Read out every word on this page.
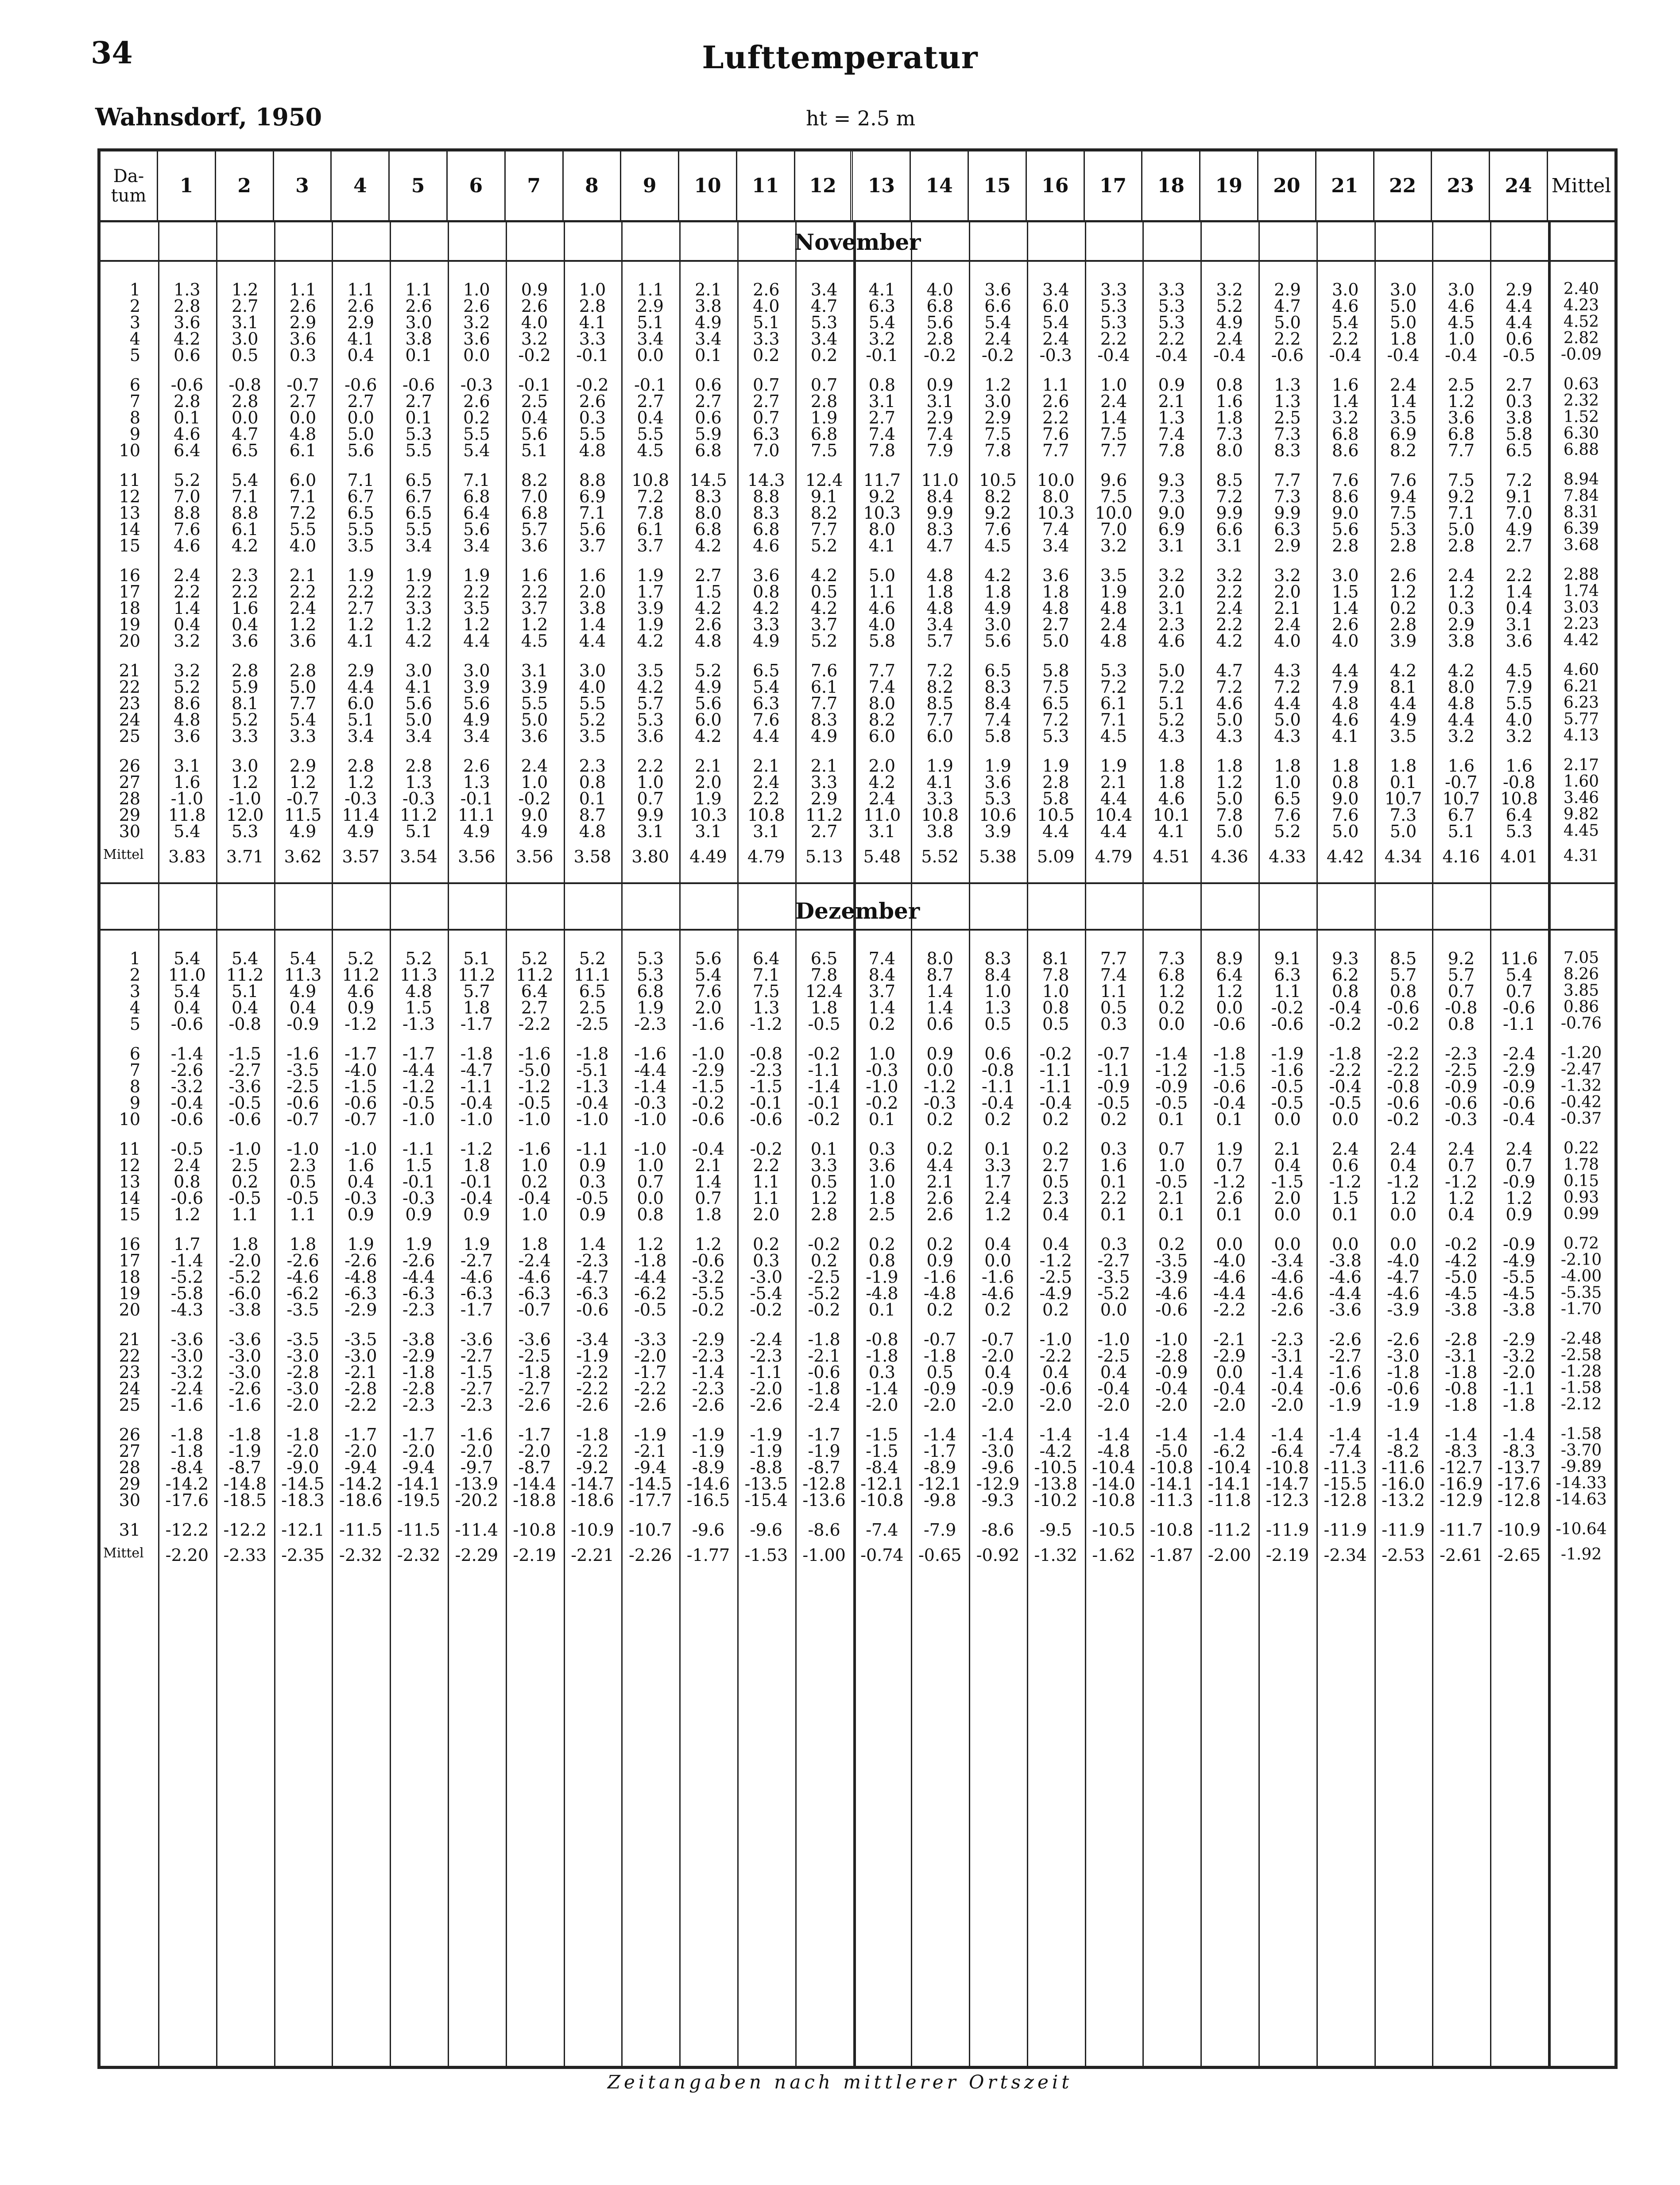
34	Lufttemperatur
Wahnsdorf, 1950	ht = 2.5 m
Da- tum	1	2	3	4	5	6	7	8	9	10	11	12	13	14	15	16	17	18	19	20	21	22	23	24 Mittel
November
1	1.3	1.2	1.1	1.1	1.1	1.0	0.9	1.0	1.1	2.1	2.6	3.4	4.1	4.0	3.6	3.4	3.3	3.3	3.2	2.9	3.0	3.0	3.0	2.9	2.40
2	2.8	2.7	2.6	2.6	2.6	2.6	2.6	2.8	2.9	3.8	4.0	4.7	6.3	6.8	6.6	6.0	5.3	5.3	5.2	4.7	4.6	5.0	4.6	4.4	4.23
3	3.6	3.1	2.9	2.9	3.0	3.2	4.0	4.1	5.1	4.9	5.1	5.3	5.4	5.6	5.4	5.4	5.3	5.3	4.9	5.0	5.4	5.0	4.5	4.4	4.52
4	4.2	3.0	3.6	4.1	3.8	3.6	3.2	3.3	3.4	3.4	3.3	3.4	3.2	2.8	2.4	2.4	2.2	2.2	2.4	2.2	2.2	1.8	1.0	0.6	2.82
5	0.6	0.5	0.3	0.4	0.1	0.0	-0.2	-0.1	0.0	0.1	0.2	0.2	-0.1	-0.2	-0.2	-0.3	-0.4	-0.4	-0.4	-0.6	-0.4	-0.4	-0.4	-0.5	-0.09
6	-0.6	-0.8	-0.7	-0.6	-0.6	-0.3	-0.1	-0.2	-0.1	0.6	0.7	0.7	0.8	0.9	1.2	1.1	1.0	0.9	0.8	1.3	1.6	2.4	2.5	2.7	0.63
7	2.8	2.8	2.7	2.7	2.7	2.6	2.5	2.6	2.7	2.7	2.7	2.8	3.1	3.1	3.0	2.6	2.4	2.1	1.6	1.3	1.4	1.4	1.2	0.3	2.32
8	0.1	0.0	0.0	0.0	0.1	0.2	0.4	0.3	0.4	0.6	0.7	1.9	2.7	2.9	2.9	2.2	1.4	1.3	1.8	2.5	3.2	3.5	3.6	3.8	1.52
9	4.6	4.7	4.8	5.0	5.3	5.5	5.6	5.5	5.5	5.9	6.3	6.8	7.4	7.4	7.5	7.6	7.5	7.4	7.3	7.3	6.8	6.9	6.8	5.8	6.30
10	6.4	6.5	6.1	5.6	5.5	5.4	5.1	4.8	4.5	6.8	7.0	7.5	7.8	7.9	7.8	7.7	7.7	7.8	8.0	8.3	8.6	8.2	7.7	6.5	6.88
11	5.2	5.4	6.0	7.1	6.5	7.1	8.2	8.8	10.8	14.5	14.3	12.4	11.7	11.0	10.5	10.0	9.6	9.3	8.5	7.7	7.6	7.6	7.5	7.2	8.94
12	7.0	7.1	7.1	6.7	6.7	6.8	7.0	6.9	7.2	8.3	8.8	9.1	9.2	8.4	8.2	8.0	7.5	7.3	7.2	7.3	8.6	9.4	9.2	9.1	7.84
13	8.8	8.8	7.2	6.5	6.5	6.4	6.8	7.1	7.8	8.0	8.3	8.2	10.3	9.9	9.2	10.3	10.0	9.0	9.9	9.9	9.0	7.5	7.1	7.0	8.31
14	7.6	6.1	5.5	5.5	5.5	5.6	5.7	5.6	6.1	6.8	6.8	7.7	8.0	8.3	7.6	7.4	7.0	6.9	6.6	6.3	5.6	5.3	5.0	4.9	6.39
15	4.6	4.2	4.0	3.5	3.4	3.4	3.6	3.7	3.7	4.2	4.6	5.2	4.1	4.7	4.5	3.4	3.2	3.1	3.1	2.9	2.8	2.8	2.8	2.7	3.68
16	2.4	2.3	2.1	1.9	1.9	1.9	1.6	1.6	1.9	2.7	3.6	4.2	5.0	4.8	4.2	3.6	3.5	3.2	3.2	3.2	3.0	2.6	2.4	2.2	2.88
17	2.2	2.2	2.2	2.2	2.2	2.2	2.2	2.0	1.7	1.5	0.8	0.5	1.1	1.8	1.8	1.8	1.9	2.0	2.2	2.0	1.5	1.2	1.2	1.4	1.74
18	1.4	1.6	2.4	2.7	3.3	3.5	3.7	3.8	3.9	4.2	4.2	4.2	4.6	4.8	4.9	4.8	4.8	3.1	2.4	2.1	1.4	0.2	0.3	0.4	3.03
19	0.4	0.4	1.2	1.2	1.2	1.2	1.2	1.4	1.9	2.6	3.3	3.7	4.0	3.4	3.0	2.7	2.4	2.3	2.2	2.4	2.6	2.8	2.9	3.1	2.23
20	3.2	3.6	3.6	4.1	4.2	4.4	4.5	4.4	4.2	4.8	4.9	5.2	5.8	5.7	5.6	5.0	4.8	4.6	4.2	4.0	4.0	3.9	3.8	3.6	4.42
21	3.2	2.8	2.8	2.9	3.0	3.0	3.1	3.0	3.5	5.2	6.5	7.6	7.7	7.2	6.5	5.8	5.3	5.0	4.7	4.3	4.4	4.2	4.2	4.5	4.60
22	5.2	5.9	5.0	4.4	4.1	3.9	3.9	4.0	4.2	4.9	5.4	6.1	7.4	8.2	8.3	7.5	7.2	7.2	7.2	7.2	7.9	8.1	8.0	7.9	6.21
23	8.6	8.1	7.7	6.0	5.6	5.6	5.5	5.5	5.7	5.6	6.3	7.7	8.0	8.5	8.4	6.5	6.1	5.1	4.6	4.4	4.8	4.4	4.8	5.5	6.23
24	4.8	5.2	5.4	5.1	5.0	4.9	5.0	5.2	5.3	6.0	7.6	8.3	8.2	7.7	7.4	7.2	7.1	5.2	5.0	5.0	4.6	4.9	4.4	4.0	5.77
25	3.6	3.3	3.3	3.4	3.4	3.4	3.6	3.5	3.6	4.2	4.4	4.9	6.0	6.0	5.8	5.3	4.5	4.3	4.3	4.3	4.1	3.5	3.2	3.2	4.13
26	3.1	3.0	2.9	2.8	2.8	2.6	2.4	2.3	2.2	2.1	2.1	2.1	2.0	1.9	1.9	1.9	1.9	1.8	1.8	1.8	1.8	1.8	1.6	1.6	2.17
27	1.6	1.2	1.2	1.2	1.3	1.3	1.0	0.8	1.0	2.0	2.4	3.3	4.2	4.1	3.6	2.8	2.1	1.8	1.2	1.0	0.8	0.1	-0.7	-0.8	1.60
28	-1.0	-1.0	-0.7	-0.3	-0.3	-0.1	-0.2	0.1	0.7	1.9	2.2	2.9	2.4	3.3	5.3	5.8	4.4	4.6	5.0	6.5	9.0	10.7	10.7	10.8	3.46
29	11.8	12.0	11.5	11.4	11.2	11.1	9.0	8.7	9.9	10.3	10.8	11.2	11.0	10.8	10.6	10.5	10.4	10.1	7.8	7.6	7.6	7.3	6.7	6.4	9.82
30	5.4	5.3	4.9	4.9	5.1	4.9	4.9	4.8	3.1	3.1	3.1	2.7	3.1	3.8	3.9	4.4	4.4	4.1	5.0	5.2	5.0	5.0	5.1	5.3	4.45
Mittel	3.83	3.71	3.62	3.57	3.54	3.56	3.56	3.58	3.80	4.49	4.79	5.13	5.48	5.52	5.38	5.09	4.79	4.51	4.36	4.33	4.42	4.34	4.16	4.01	4.31
Dezember
1	5.4	5.4	5.4	5.2	5.2	5.1	5.2	5.2	5.3	5.6	6.4	6.5	7.4	8.0	8.3	8.1	7.7	7.3	8.9	9.1	9.3	8.5	9.2	11.6	7.05
2	11.0	11.2	11.3	11.2	11.3	11.2	11.2	11.1	5.3	5.4	7.1	7.8	8.4	8.7	8.4	7.8	7.4	6.8	6.4	6.3	6.2	5.7	5.7	5.4	8.26
3	5.4	5.1	4.9	4.6	4.8	5.7	6.4	6.5	6.8	7.6	7.5	12.4	3.7	1.4	1.0	1.0	1.1	1.2	1.2	1.1	0.8	0.8	0.7	0.7	3.85
4	0.4	0.4	0.4	0.9	1.5	1.8	2.7	2.5	1.9	2.0	1.3	1.8	1.4	1.4	1.3	0.8	0.5	0.2	0.0	-0.2	-0.4	-0.6	-0.8	-0.6	0.86
5	-0.6	-0.8	-0.9	-1.2	-1.3	-1.7	-2.2	-2.5	-2.3	-1.6	-1.2	-0.5	0.2	0.6	0.5	0.5	0.3	0.0	-0.6	-0.6	-0.2	-0.2	0.8	-1.1	-0.76
6	-1.4	-1.5	-1.6	-1.7	-1.7	-1.8	-1.6	-1.8	-1.6	-1.0	-0.8	-0.2	1.0	0.9	0.6	-0.2	-0.7	-1.4	-1.8	-1.9	-1.8	-2.2	-2.3	-2.4	-1.20
7	-2.6	-2.7	-3.5	-4.0	-4.4	-4.7	-5.0	-5.1	-4.4	-2.9	-2.3	-1.1	-0.3	0.0	-0.8	-1.1	-1.1	-1.2	-1.5	-1.6	-2.2	-2.2	-2.5	-2.9	-2.47
8	-3.2	-3.6	-2.5	-1.5	-1.2	-1.1	-1.2	-1.3	-1.4	-1.5	-1.5	-1.4	-1.0	-1.2	-1.1	-1.1	-0.9	-0.9	-0.6	-0.5	-0.4	-0.8	-0.9	-0.9	-1.32
9	-0.4	-0.5	-0.6	-0.6	-0.5	-0.4	-0.5	-0.4	-0.3	-0.2	-0.1	-0.1	-0.2	-0.3	-0.4	-0.4	-0.5	-0.5	-0.4	-0.5	-0.5	-0.6	-0.6	-0.6	-0.42
10	-0.6	-0.6	-0.7	-0.7	-1.0	-1.0	-1.0	-1.0	-1.0	-0.6	-0.6	-0.2	0.1	0.2	0.2	0.2	0.2	0.1	0.1	0.0	0.0	-0.2	-0.3	-0.4	-0.37
11	-0.5	-1.0	-1.0	-1.0	-1.1	-1.2	-1.6	-1.1	-1.0	-0.4	-0.2	0.1	0.3	0.2	0.1	0.2	0.3	0.7	1.9	2.1	2.4	2.4	2.4	2.4	0.22
12	2.4	2.5	2.3	1.6	1.5	1.8	1.0	0.9	1.0	2.1	2.2	3.3	3.6	4.4	3.3	2.7	1.6	1.0	0.7	0.4	0.6	0.4	0.7	0.7	1.78
13	0.8	0.2	0.5	0.4	-0.1	-0.1	0.2	0.3	0.7	1.4	1.1	0.5	1.0	2.1	1.7	0.5	0.1	-0.5	-1.2	-1.5	-1.2	-1.2	-1.2	-0.9	0.15
14	-0.6	-0.5	-0.5	-0.3	-0.3	-0.4	-0.4	-0.5	0.0	0.7	1.1	1.2	1.8	2.6	2.4	2.3	2.2	2.1	2.6	2.0	1.5	1.2	1.2	1.2	0.93
15	1.2	1.1	1.1	0.9	0.9	0.9	1.0	0.9	0.8	1.8	2.0	2.8	2.5	2.6	1.2	0.4	0.1	0.1	0.1	0.0	0.1	0.0	0.4	0.9	0.99
16	1.7	1.8	1.8	1.9	1.9	1.9	1.8	1.4	1.2	1.2	0.2	-0.2	0.2	0.2	0.4	0.4	0.3	0.2	0.0	0.0	0.0	0.0	-0.2	-0.9	0.72
17	-1.4	-2.0	-2.6	-2.6	-2.6	-2.7	-2.4	-2.3	-1.8	-0.6	0.3	0.2	0.8	0.9	0.0	-1.2	-2.7	-3.5	-4.0	-3.4	-3.8	-4.0	-4.2	-4.9	-2.10
18	-5.2	-5.2	-4.6	-4.8	-4.4	-4.6	-4.6	-4.7	-4.4	-3.2	-3.0	-2.5	-1.9	-1.6	-1.6	-2.5	-3.5	-3.9	-4.6	-4.6	-4.6	-4.7	-5.0	-5.5	-4.00
19	-5.8	-6.0	-6.2	-6.3	-6.3	-6.3	-6.3	-6.3	-6.2	-5.5	-5.4	-5.2	-4.8	-4.8	-4.6	-4.9	-5.2	-4.6	-4.4	-4.6	-4.4	-4.6	-4.5	-4.5	-5.35
20	-4.3	-3.8	-3.5	-2.9	-2.3	-1.7	-0.7	-0.6	-0.5	-0.2	-0.2	-0.2	0.1	0.2	0.2	0.2	0.0	-0.6	-2.2	-2.6	-3.6	-3.9	-3.8	-3.8	-1.70
21	-3.6	-3.6	-3.5	-3.5	-3.8	-3.6	-3.6	-3.4	-3.3	-2.9	-2.4	-1.8	-0.8	-0.7	-0.7	-1.0	-1.0	-1.0	-2.1	-2.3	-2.6	-2.6	-2.8	-2.9	-2.48
22	-3.0	-3.0	-3.0	-3.0	-2.9	-2.7	-2.5	-1.9	-2.0	-2.3	-2.3	-2.1	-1.8	-1.8	-2.0	-2.2	-2.5	-2.8	-2.9	-3.1	-2.7	-3.0	-3.1	-3.2	-2.58
23	-3.2	-3.0	-2.8	-2.1	-1.8	-1.5	-1.8	-2.2	-1.7	-1.4	-1.1	-0.6	0.3	0.5	0.4	0.4	0.4	-0.9	0.0	-1.4	-1.6	-1.8	-1.8	-2.0	-1.28
24	-2.4	-2.6	-3.0	-2.8	-2.8	-2.7	-2.7	-2.2	-2.2	-2.3	-2.0	-1.8	-1.4	-0.9	-0.9	-0.6	-0.4	-0.4	-0.4	-0.4	-0.6	-0.6	-0.8	-1.1	-1.58
25	-1.6	-1.6	-2.0	-2.2	-2.3	-2.3	-2.6	-2.6	-2.6	-2.6	-2.6	-2.4	-2.0	-2.0	-2.0	-2.0	-2.0	-2.0	-2.0	-2.0	-1.9	-1.9	-1.8	-1.8	-2.12
26	-1.8	-1.8	-1.8	-1.7	-1.7	-1.6	-1.7	-1.8	-1.9	-1.9	-1.9	-1.7	-1.5	-1.4	-1.4	-1.4	-1.4	-1.4	-1.4	-1.4	-1.4	-1.4	-1.4	-1.4	-1.58
27	-1.8	-1.9	-2.0	-2.0	-2.0	-2.0	-2.0	-2.2	-2.1	-1.9	-1.9	-1.9	-1.5	-1.7	-3.0	-4.2	-4.8	-5.0	-6.2	-6.4	-7.4	-8.2	-8.3	-8.3	-3.70
28	-8.4	-8.7	-9.0	-9.4	-9.4	-9.7	-8.7	-9.2	-9.4	-8.9	-8.8	-8.7	-8.4	-8.9	-9.6	-10.5 -10.4 -10.8 -10.4 -10.8 -11.3 -11.6 -12.7 -13.7	-9.89
29	-14.2 -14.8 -14.5 -14.2 -14.1 -13.9 -14.4 -14.7 -14.5 -14.6 -13.5 -12.8 -12.1 -12.1 -12.9 -13.8 -14.0 -14.1 -14.1 -14.7 -15.5 -16.0 -16.9 -17.6 -14.33
30	-17.6 -18.5 -18.3 -18.6 -19.5 -20.2 -18.8 -18.6 -17.7 -16.5 -15.4 -13.6 -10.8	-9.8	-9.3	-10.2 -10.8 -11.3 -11.8 -12.3 -12.8 -13.2 -12.9 -12.8 -14.63
31	-12.2 -12.2 -12.1 -11.5 -11.5 -11.4 -10.8 -10.9 -10.7	-9.6	-9.6	-8.6	-7.4	-7.9	-8.6	-9.5	-10.5 -10.8 -11.2 -11.9 -11.9 -11.9 -11.7 -10.9 -10.64
Mittel	-2.20 -2.33 -2.35 -2.32 -2.32 -2.29 -2.19 -2.21 -2.26 -1.77 -1.53 -1.00 -0.74 -0.65 -0.92 -1.32 -1.62 -1.87 -2.00 -2.19 -2.34 -2.53 -2.61 -2.65	-1.92
Zeitangaben nach mittlerer Ortszeit
